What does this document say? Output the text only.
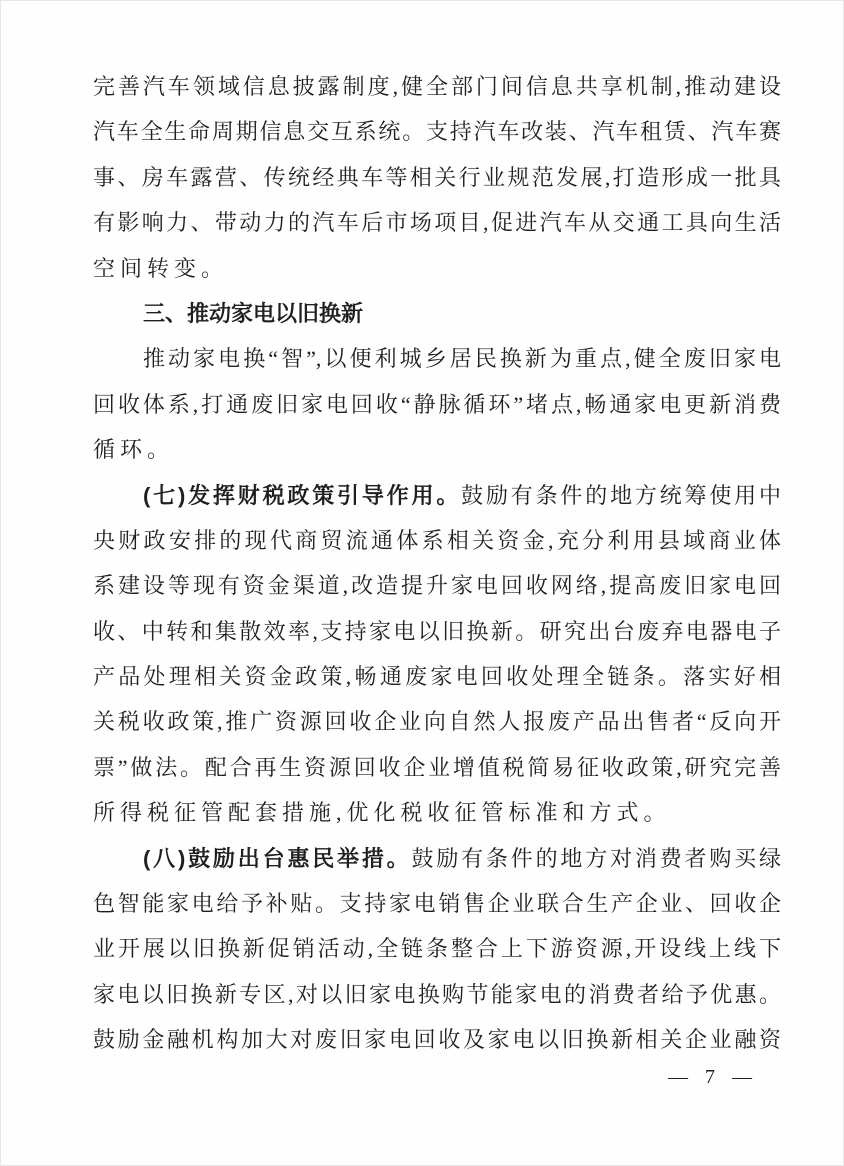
完善汽车领域信息披露制度,健全部门间信息共享机制,推动建设

汽车全生命周期信息交互系统。支持汽车改装、汽车租赁、汽车赛

事、房车露营、传统经典车等相关行业规范发展,打造形成一批具

有影响力、带动力的汽车后市场项目,促进汽车从交通工具向生活

空间转变。

三、推动家电以旧换新

推动家电换“智”,以便利城乡居民换新为重点,健全废旧家电

回收体系,打通废旧家电回收“静脉循环”堵点,畅通家电更新消费

循环。

(七)发挥财税政策引导作用。鼓励有条件的地方统筹使用中

央财政安排的现代商贸流通体系相关资金,充分利用县域商业体

系建设等现有资金渠道,改造提升家电回收网络,提高废旧家电回

收、中转和集散效率,支持家电以旧换新。研究出台废弃电器电子

产品处理相关资金政策,畅通废家电回收处理全链条。落实好相

关税收政策,推广资源回收企业向自然人报废产品出售者“反向开

票”做法。配合再生资源回收企业增值税简易征收政策,研究完善

所得税征管配套措施,优化税收征管标准和方式。

(八)鼓励出台惠民举措。鼓励有条件的地方对消费者购买绿

色智能家电给予补贴。支持家电销售企业联合生产企业、回收企

业开展以旧换新促销活动,全链条整合上下游资源,开设线上线下

家电以旧换新专区,对以旧家电换购节能家电的消费者给予优惠。

鼓励金融机构加大对废旧家电回收及家电以旧换新相关企业融资

— 7 —
